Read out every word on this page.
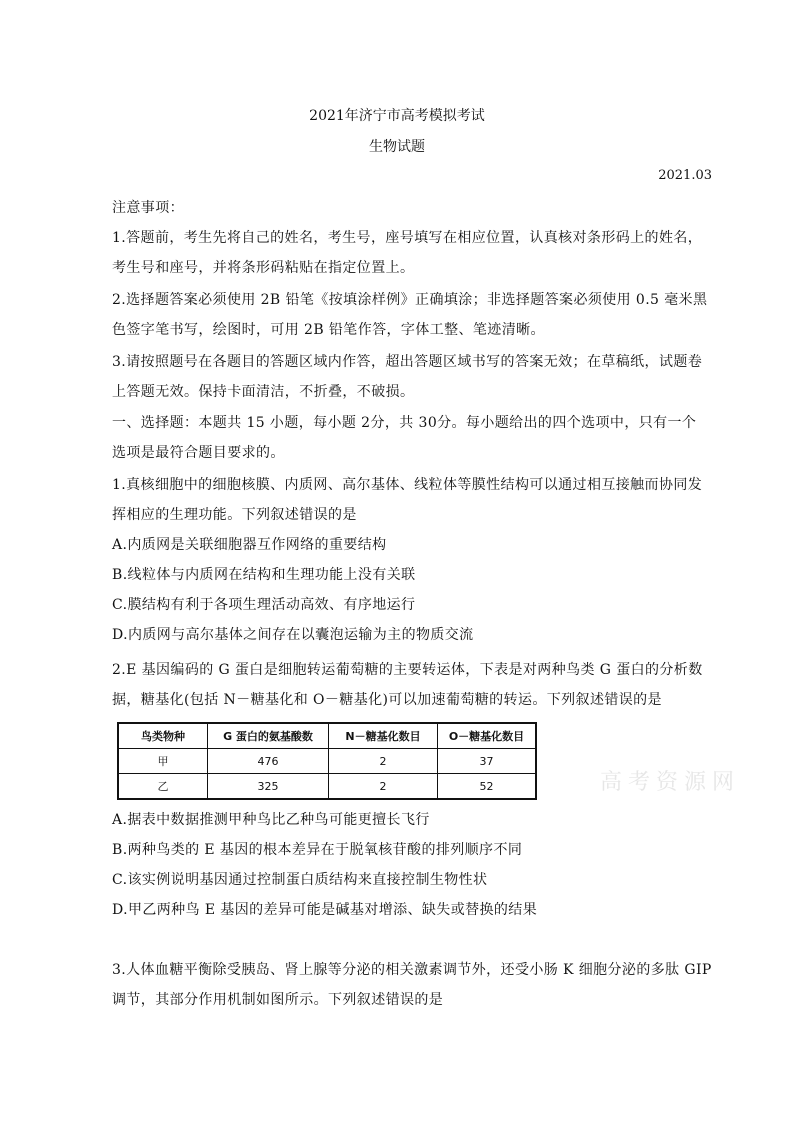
2021年济宁市高考模拟考试
生物试题
2021.03
注意事项：
1.答题前，考生先将自己的姓名，考生号，座号填写在相应位置，认真核对条形码上的姓名，
考生号和座号，并将条形码粘贴在指定位置上。
2.选择题答案必须使用 2B 铅笔《按填涂样例》正确填涂；非选择题答案必须使用 0.5 毫米黑
色签字笔书写，绘图时，可用 2B 铅笔作答，字体工整、笔迹清晰。
3.请按照题号在各题目的答题区域内作答，超出答题区域书写的答案无效；在草稿纸，试题卷
上答题无效。保持卡面清洁，不折叠，不破损。
一、选择题：本题共 15 小题，每小题 2分，共 30分。每小题给出的四个选项中，只有一个
选项是最符合题目要求的。
1.真核细胞中的细胞核膜、内质网、高尔基体、线粒体等膜性结构可以通过相互接触而协同发
挥相应的生理功能。下列叙述错误的是
A.内质网是关联细胞器互作网络的重要结构
B.线粒体与内质网在结构和生理功能上没有关联
C.膜结构有利于各项生理活动高效、有序地运行
D.内质网与高尔基体之间存在以囊泡运输为主的物质交流
2.E 基因编码的 G 蛋白是细胞转运葡萄糖的主要转运体，下表是对两种鸟类 G 蛋白的分析数
据，糖基化(包括 N－糖基化和 O－糖基化)可以加速葡萄糖的转运。下列叙述错误的是
鸟类物种	G 蛋白的氨基酸数	N－糖基化数目	O－糖基化数目
甲	476	2	37
乙	325	2	52	高考资源网
A.据表中数据推测甲种鸟比乙种鸟可能更擅长飞行
B.两种鸟类的 E 基因的根本差异在于脱氧核苷酸的排列顺序不同
C.该实例说明基因通过控制蛋白质结构来直接控制生物性状
D.甲乙两种鸟 E 基因的差异可能是碱基对增添、缺失或替换的结果
3.人体血糖平衡除受胰岛、肾上腺等分泌的相关激素调节外，还受小肠 K 细胞分泌的多肽 GIP
调节，其部分作用机制如图所示。下列叙述错误的是
